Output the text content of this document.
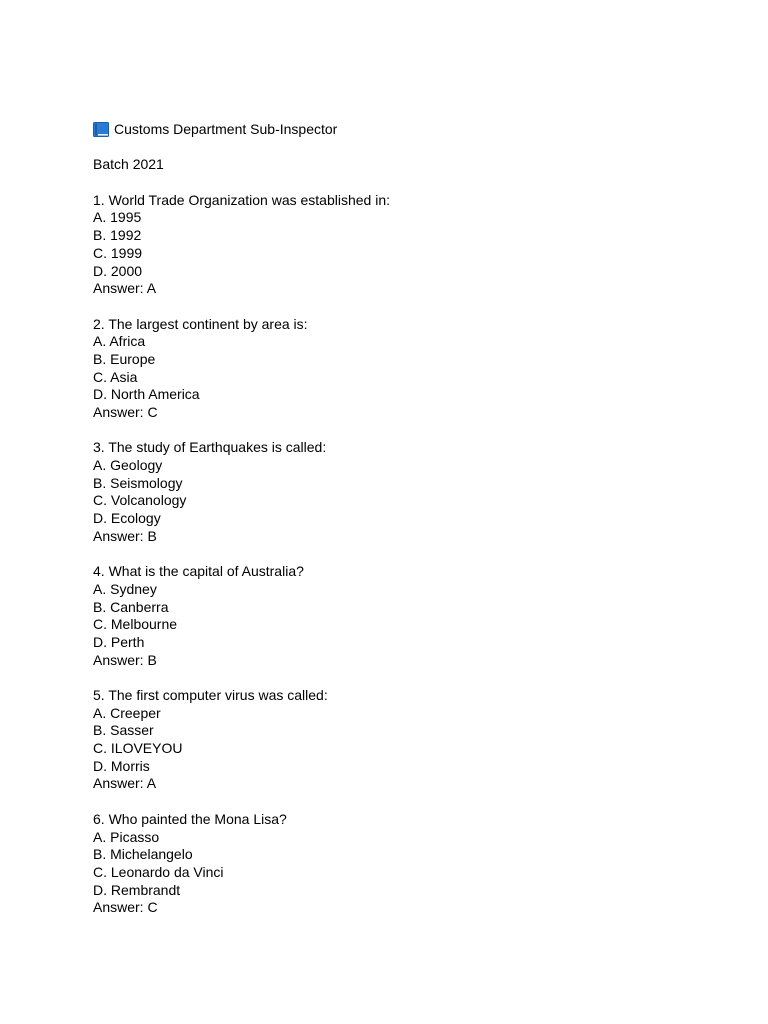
Customs Department Sub-Inspector
Batch 2021
1. World Trade Organization was established in:
A. 1995
B. 1992
C. 1999
D. 2000
Answer: A
2. The largest continent by area is:
A. Africa
B. Europe
C. Asia
D. North America
Answer: C
3. The study of Earthquakes is called:
A. Geology
B. Seismology
C. Volcanology
D. Ecology
Answer: B
4. What is the capital of Australia?
A. Sydney
B. Canberra
C. Melbourne
D. Perth
Answer: B
5. The first computer virus was called:
A. Creeper
B. Sasser
C. ILOVEYOU
D. Morris
Answer: A
6. Who painted the Mona Lisa?
A. Picasso
B. Michelangelo
C. Leonardo da Vinci
D. Rembrandt
Answer: C
